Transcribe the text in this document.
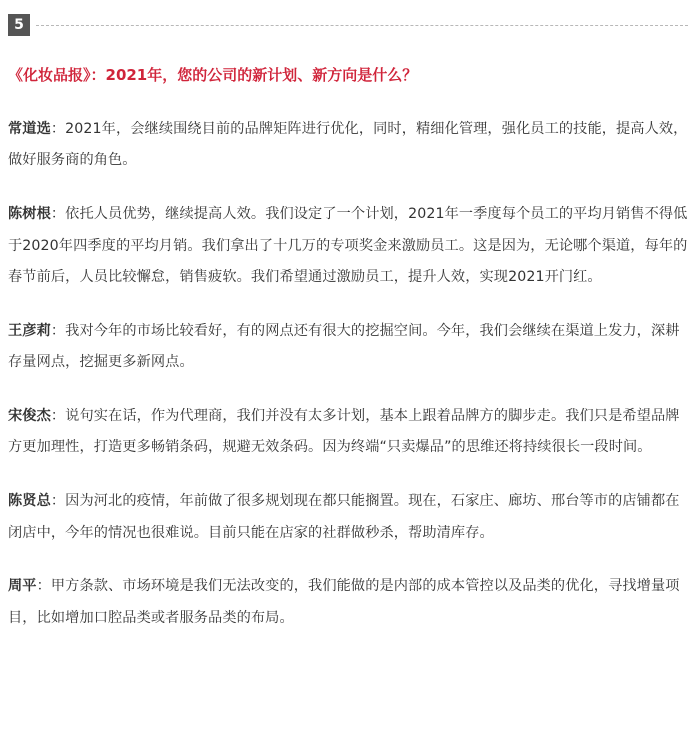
5
《化妆品报》：2021年，您的公司的新计划、新方向是什么？

常道选：2021年，会继续围绕目前的品牌矩阵进行优化，同时，精细化管理，强化员工的技能，提高人效，做好服务商的角色。

陈树根：依托人员优势，继续提高人效。我们设定了一个计划，2021年一季度每个员工的平均月销售不得低于2020年四季度的平均月销。我们拿出了十几万的专项奖金来激励员工。这是因为，无论哪个渠道，每年的春节前后，人员比较懈怠，销售疲软。我们希望通过激励员工，提升人效，实现2021开门红。

王彦莉：我对今年的市场比较看好，有的网点还有很大的挖掘空间。今年，我们会继续在渠道上发力，深耕存量网点，挖掘更多新网点。

宋俊杰：说句实在话，作为代理商，我们并没有太多计划，基本上跟着品牌方的脚步走。我们只是希望品牌方更加理性，打造更多畅销条码，规避无效条码。因为终端“只卖爆品”的思维还将持续很长一段时间。

陈贤总：因为河北的疫情，年前做了很多规划现在都只能搁置。现在，石家庄、廊坊、邢台等市的店铺都在闭店中，今年的情况也很难说。目前只能在店家的社群做秒杀，帮助清库存。

周平：甲方条款、市场环境是我们无法改变的，我们能做的是内部的成本管控以及品类的优化，寻找增量项目，比如增加口腔品类或者服务品类的布局。
